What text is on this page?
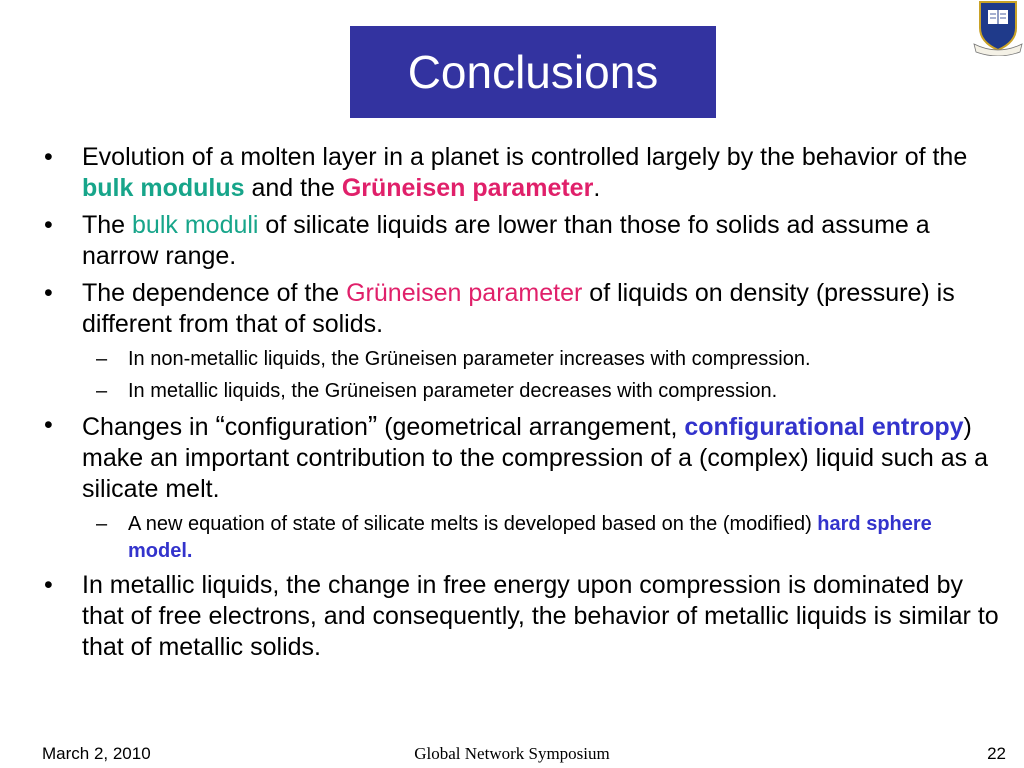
Conclusions
• Evolution of a molten layer in a planet is controlled largely by the behavior of the bulk modulus and the Grüneisen parameter.
• The bulk moduli of silicate liquids are lower than those fo solids ad assume a narrow range.
• The dependence of the Grüneisen parameter of liquids on density (pressure) is different from that of solids.
– In non-metallic liquids, the Grüneisen parameter increases with compression.
– In metallic liquids, the Grüneisen parameter decreases with compression.
• Changes in “configuration” (geometrical arrangement, configurational entropy) make an important contribution to the compression of a (complex) liquid such as a silicate melt.
– A new equation of state of silicate melts is developed based on the (modified) hard sphere model.
• In metallic liquids, the change in free energy upon compression is dominated by that of free electrons, and consequently, the behavior of metallic liquids is similar to that of metallic solids.
March 2, 2010	Global Network Symposium	22
